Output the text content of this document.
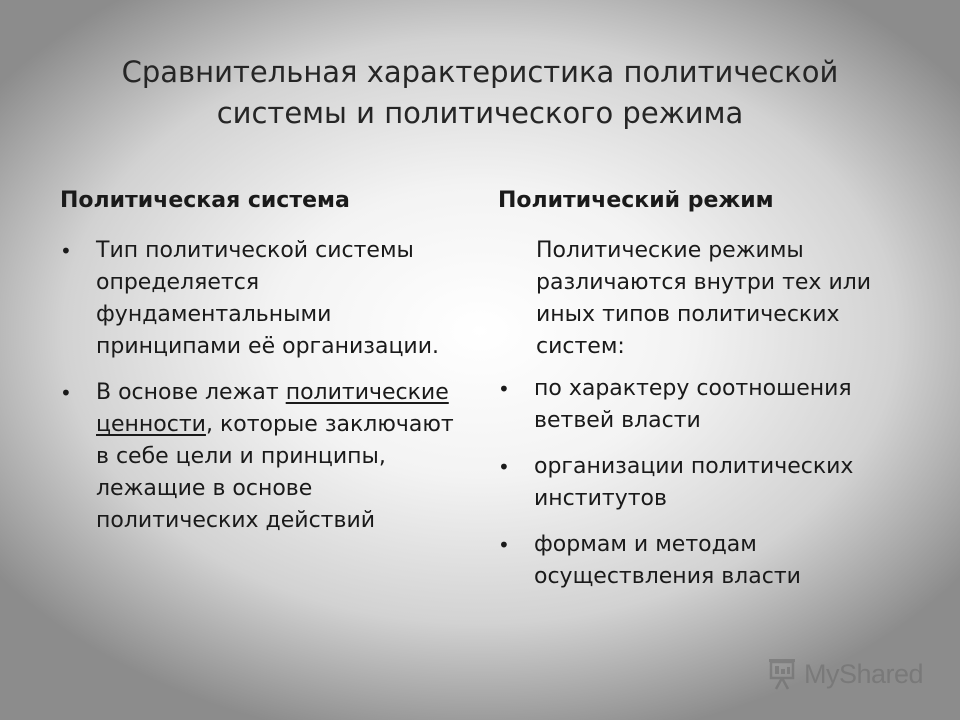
Сравнительная характеристика политической системы и политического режима
Политическая система
• Тип политической системы определяется фундаментальными принципами её организации.
• В основе лежат политические ценности, которые заключают в себе цели и принципы, лежащие в основе политических действий
Политический режим

Политические режимы различаются внутри тех или иных типов политических систем:

• по характеру соотношения ветвей власти
• организации политических институтов
• формам и методам осуществления власти
MyShared
